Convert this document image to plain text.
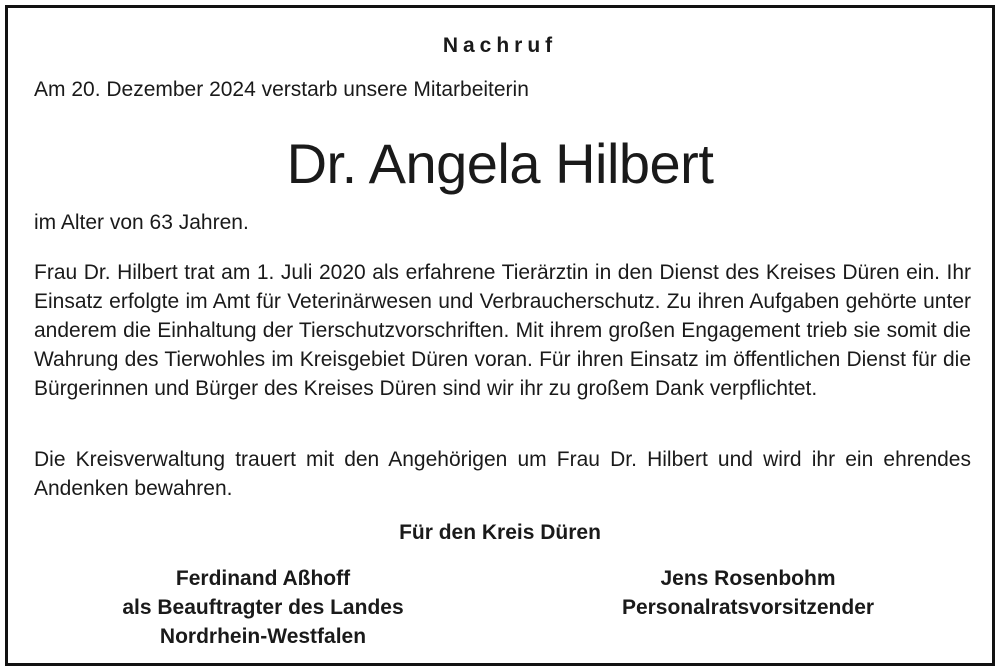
Nachruf
Am 20. Dezember 2024 verstarb unsere Mitarbeiterin
Dr. Angela Hilbert
im Alter von 63 Jahren.
Frau Dr. Hilbert trat am 1. Juli 2020 als erfahrene Tierärztin in den Dienst des Kreises Düren ein. Ihr Einsatz erfolgte im Amt für Veterinärwesen und Verbraucherschutz. Zu ihren Aufgaben gehörte unter anderem die Einhaltung der Tierschutzvorschriften. Mit ihrem großen Engagement trieb sie somit die Wahrung des Tierwohles im Kreisgebiet Düren voran. Für ihren Einsatz im öffentlichen Dienst für die Bürgerinnen und Bürger des Kreises Düren sind wir ihr zu großem Dank verpflichtet.
Die Kreisverwaltung trauert mit den Angehörigen um Frau Dr. Hilbert und wird ihr ein ehrendes Andenken bewahren.
Für den Kreis Düren
Ferdinand Aßhoff
als Beauftragter des Landes
Nordrhein-Westfalen
Jens Rosenbohm
Personalratsvorsitzender
